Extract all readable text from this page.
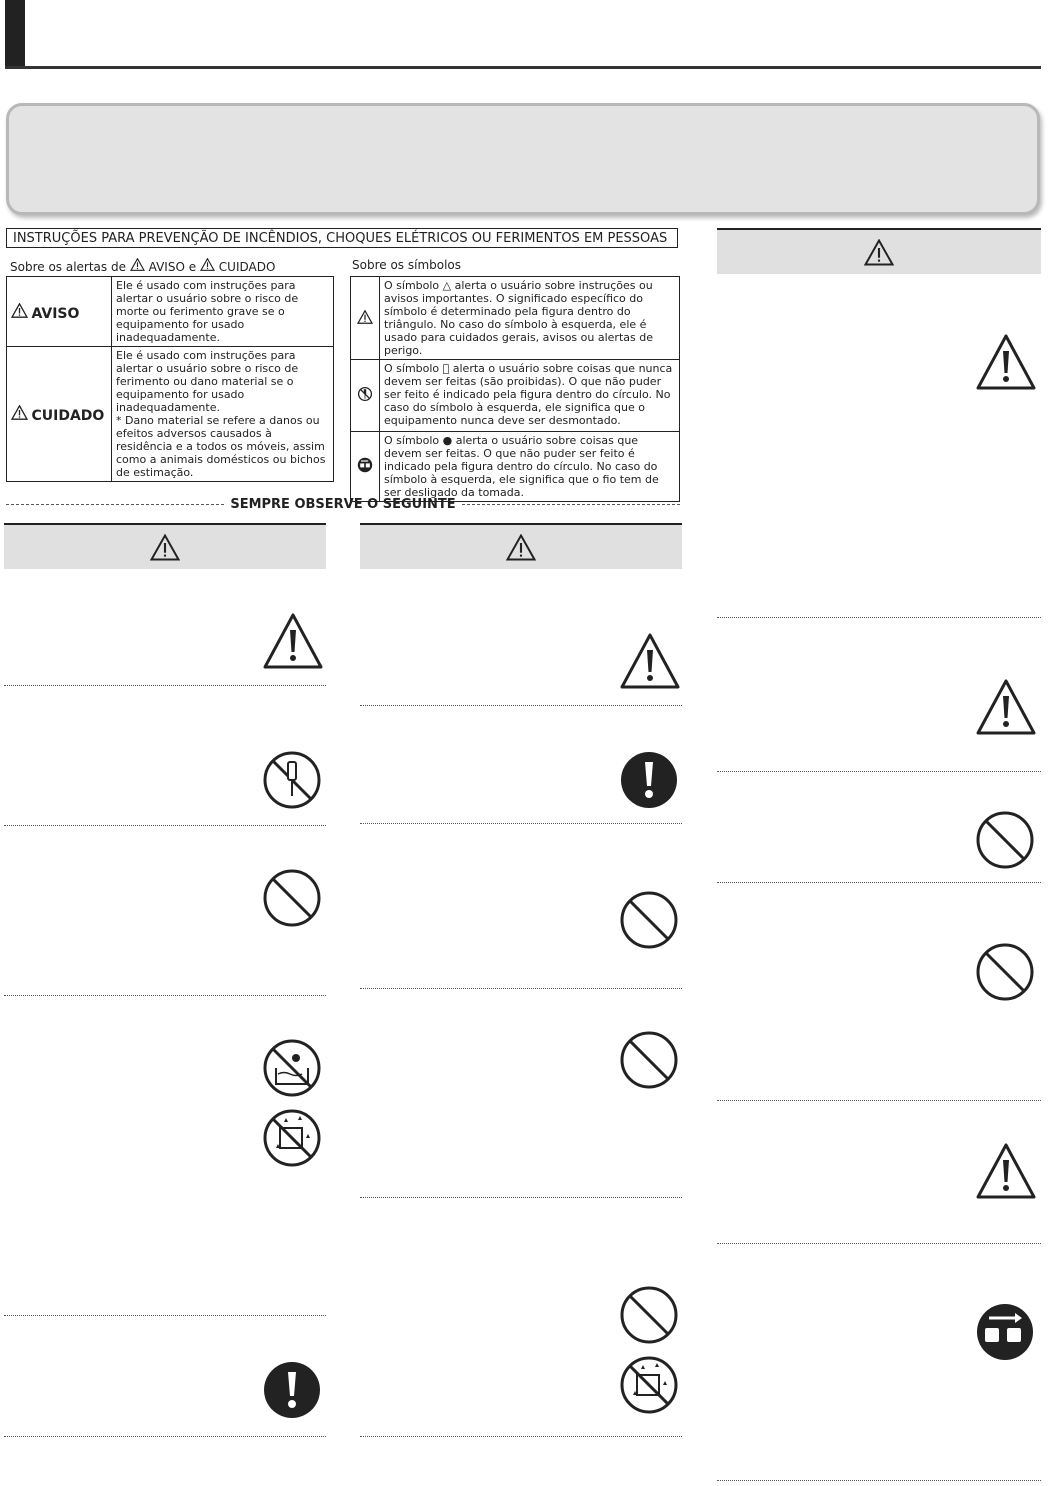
INSTRUÇÕES PARA PREVENÇÃO DE INCÊNDIOS, CHOQUES ELÉTRICOS OU FERIMENTOS EM PESSOAS
Sobre os alertas de AVISO e CUIDADO	Sobre os símbolos
AVISO	Ele é usado com instruções para alertar o usuário sobre o risco de morte ou ferimento grave se o equipamento for usado inadequadamente.
CUIDADO	Ele é usado com instruções para alertar o usuário sobre o risco de ferimento ou dano material se o equipamento for usado inadequadamente.
* Dano material se refere a danos ou efeitos adversos causados à residência e a todos os móveis, assim como a animais domésticos ou bichos de estimação.
	O símbolo △ alerta o usuário sobre instruções ou avisos importantes. O significado específico do símbolo é determinado pela figura dentro do triângulo. No caso do símbolo à esquerda, ele é usado para cuidados gerais, avisos ou alertas de perigo.
	O símbolo ⃠ alerta o usuário sobre coisas que nunca devem ser feitas (são proibidas). O que não puder ser feito é indicado pela figura dentro do círculo. No caso do símbolo à esquerda, ele significa que o equipamento nunca deve ser desmontado.
	O símbolo ● alerta o usuário sobre coisas que devem ser feitas. O que não puder ser feito é indicado pela figura dentro do círculo. No caso do símbolo à esquerda, ele significa que o fio tem de ser desligado da tomada.
SEMPRE OBSERVE O SEGUINTE
